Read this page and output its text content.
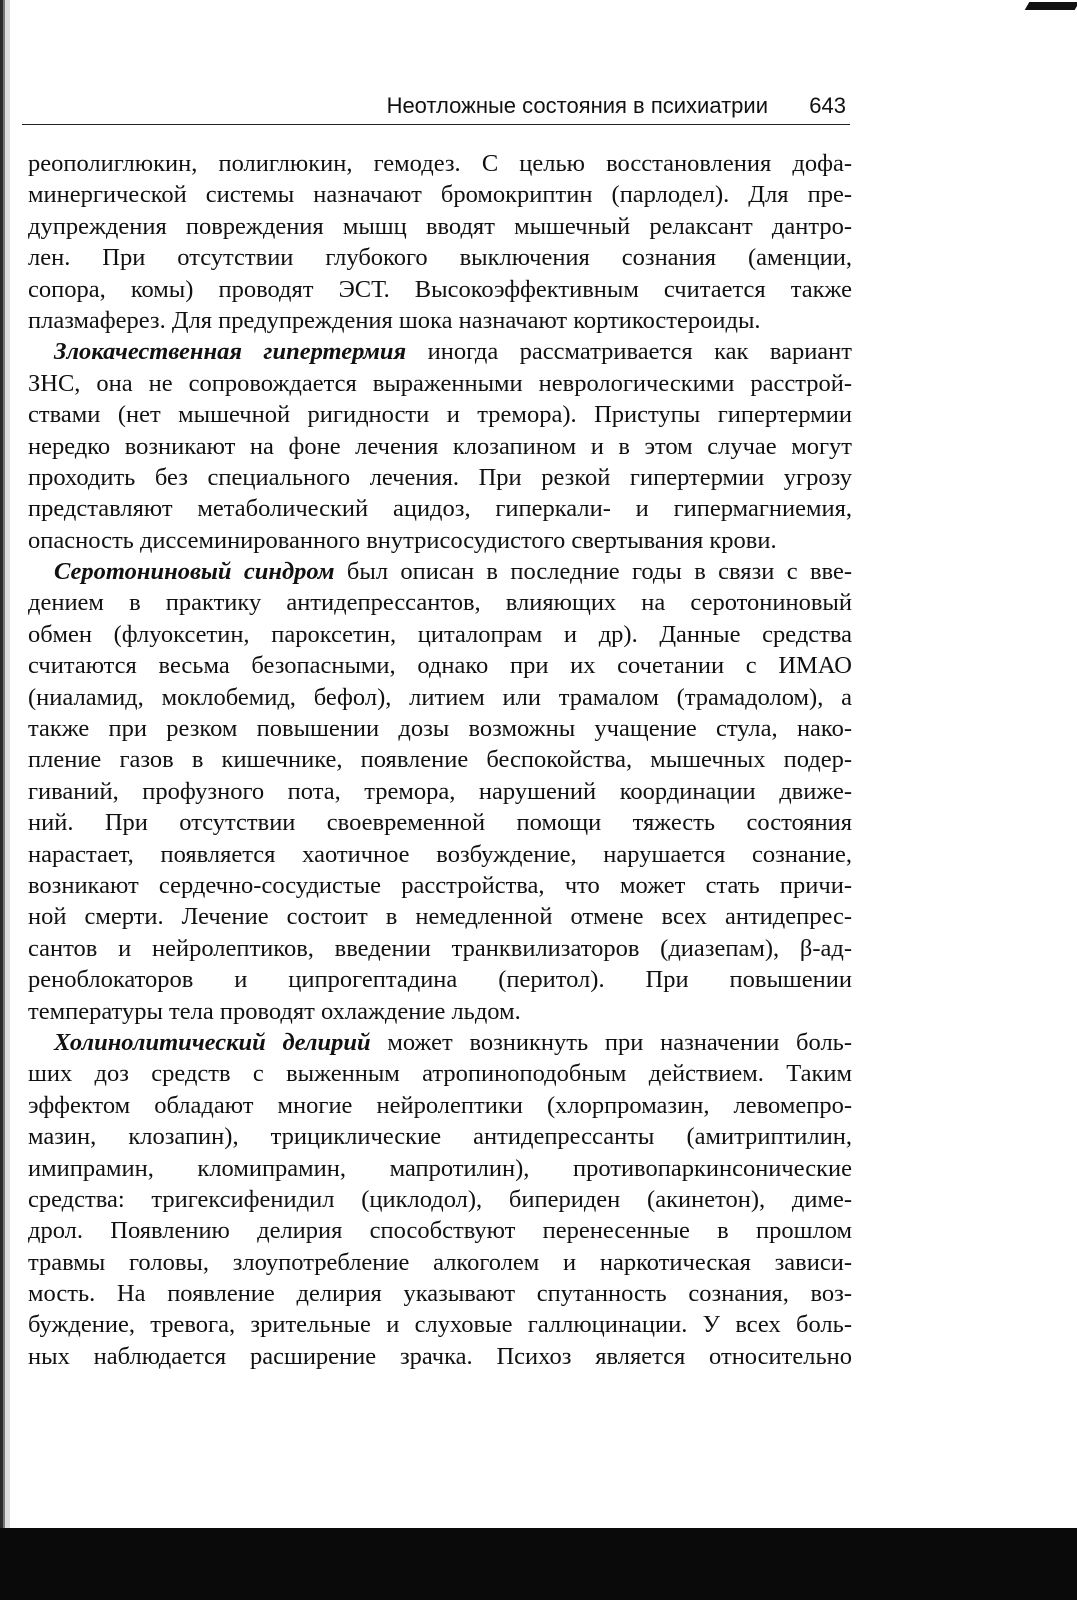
Неотложные состояния в психиатрии 643
реополиглюкин, полиглюкин, гемодез. С целью восстановления дофа-
минергической системы назначают бромокриптин (парлодел). Для пре-
дупреждения повреждения мышц вводят мышечный релаксант дантро-
лен. При отсутствии глубокого выключения сознания (аменции,
сопора, комы) проводят ЭСТ. Высокоэффективным считается также
плазмаферез. Для предупреждения шока назначают кортикостероиды.
Злокачественная гипертермия иногда рассматривается как вариант
ЗНС, она не сопровождается выраженными неврологическими расстрой-
ствами (нет мышечной ригидности и тремора). Приступы гипертермии
нередко возникают на фоне лечения клозапином и в этом случае могут
проходить без специального лечения. При резкой гипертермии угрозу
представляют метаболический ацидоз, гиперкали- и гипермагниемия,
опасность диссеминированного внутрисосудистого свертывания крови.
Серотониновый синдром был описан в последние годы в связи с вве-
дением в практику антидепрессантов, влияющих на серотониновый
обмен (флуоксетин, пароксетин, циталопрам и др). Данные средства
считаются весьма безопасными, однако при их сочетании с ИМАО
(ниаламид, моклобемид, бефол), литием или трамалом (трамадолом), а
также при резком повышении дозы возможны учащение стула, нако-
пление газов в кишечнике, появление беспокойства, мышечных подер-
гиваний, профузного пота, тремора, нарушений координации движе-
ний. При отсутствии своевременной помощи тяжесть состояния
нарастает, появляется хаотичное возбуждение, нарушается сознание,
возникают сердечно-сосудистые расстройства, что может стать причи-
ной смерти. Лечение состоит в немедленной отмене всех антидепрес-
сантов и нейролептиков, введении транквилизаторов (диазепам), β-ад-
реноблокаторов и ципрогептадина (перитол). При повышении
температуры тела проводят охлаждение льдом.
Холинолитический делирий может возникнуть при назначении боль-
ших доз средств с выженным атропиноподобным действием. Таким
эффектом обладают многие нейролептики (хлорпромазин, левомепро-
мазин, клозапин), трициклические антидепрессанты (амитриптилин,
имипрамин, кломипрамин, мапротилин), противопаркинсонические
средства: тригексифенидил (циклодол), бипериден (акинетон), диме-
дрол. Появлению делирия способствуют перенесенные в прошлом
травмы головы, злоупотребление алкоголем и наркотическая зависи-
мость. На появление делирия указывают спутанность сознания, воз-
буждение, тревога, зрительные и слуховые галлюцинации. У всех боль-
ных наблюдается расширение зрачка. Психоз является относительно
